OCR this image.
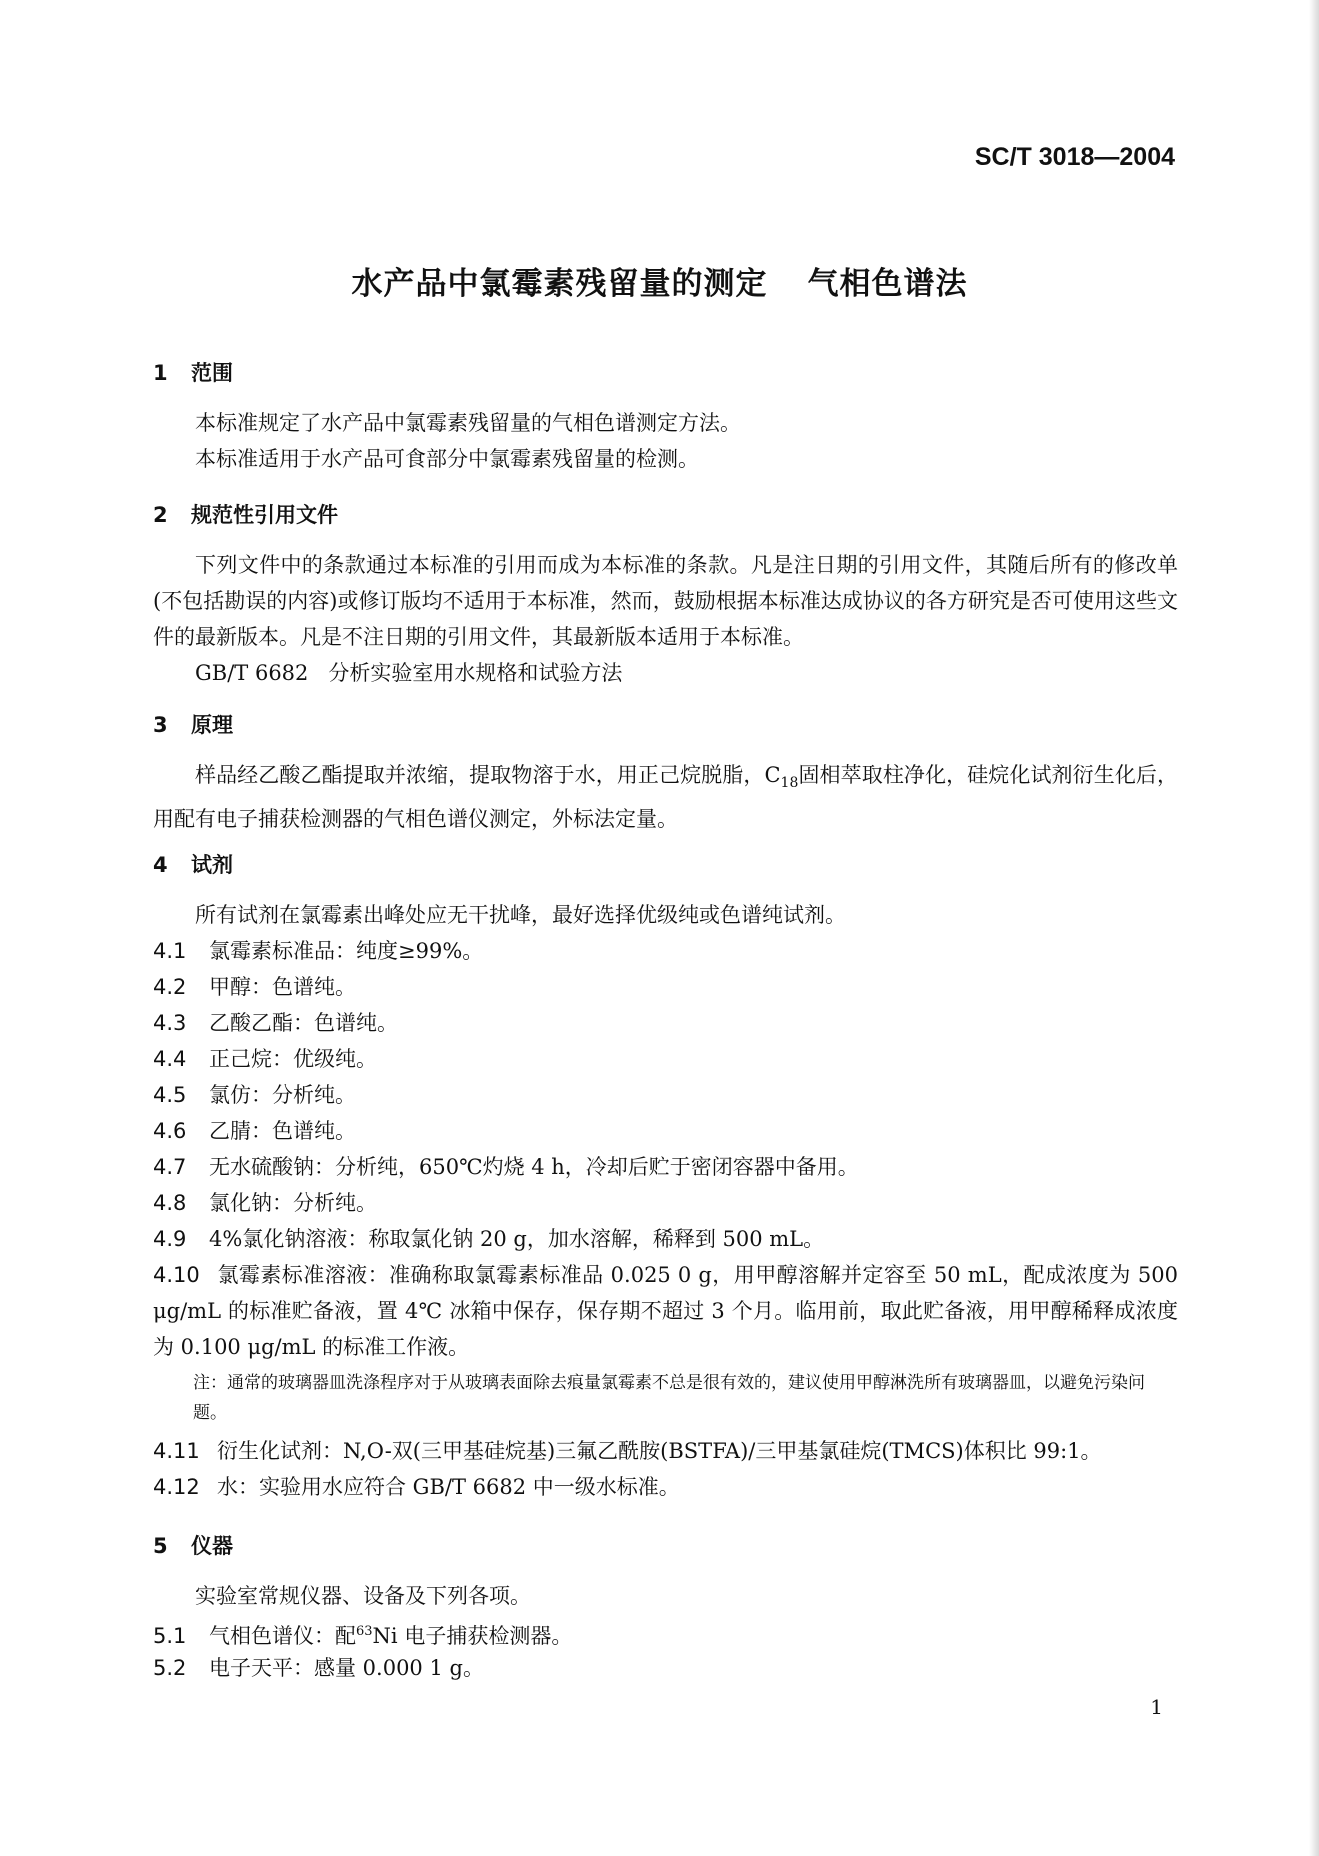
SC/T 3018—2004
水产品中氯霉素残留量的测定 气相色谱法
1 范围
本标准规定了水产品中氯霉素残留量的气相色谱测定方法。
本标准适用于水产品可食部分中氯霉素残留量的检测。
2 规范性引用文件
下列文件中的条款通过本标准的引用而成为本标准的条款。凡是注日期的引用文件，其随后所有的修改单(不包括勘误的内容)或修订版均不适用于本标准，然而，鼓励根据本标准达成协议的各方研究是否可使用这些文件的最新版本。凡是不注日期的引用文件，其最新版本适用于本标准。
GB/T 6682 分析实验室用水规格和试验方法
3 原理
样品经乙酸乙酯提取并浓缩，提取物溶于水，用正己烷脱脂，$C_{18}$固相萃取柱净化，硅烷化试剂衍生化后，用配有电子捕获检测器的气相色谱仪测定，外标法定量。
4 试剂
所有试剂在氯霉素出峰处应无干扰峰，最好选择优级纯或色谱纯试剂。
4.1 氯霉素标准品：纯度≥99%。
4.2 甲醇：色谱纯。
4.3 乙酸乙酯：色谱纯。
4.4 正己烷：优级纯。
4.5 氯仿：分析纯。
4.6 乙腈：色谱纯。
4.7 无水硫酸钠：分析纯，650℃灼烧 4 h，冷却后贮于密闭容器中备用。
4.8 氯化钠：分析纯。
4.9 4%氯化钠溶液：称取氯化钠 20 g，加水溶解，稀释到 500 mL。
4.10 氯霉素标准溶液：准确称取氯霉素标准品 0.025 0 g，用甲醇溶解并定容至 50 mL，配成浓度为 500 μg/mL 的标准贮备液，置 4℃ 冰箱中保存，保存期不超过 3 个月。临用前，取此贮备液，用甲醇稀释成浓度为 0.100 μg/mL 的标准工作液。
注：通常的玻璃器皿洗涤程序对于从玻璃表面除去痕量氯霉素不总是很有效的，建议使用甲醇淋洗所有玻璃器皿，以避免污染问题。
4.11 衍生化试剂：N,O-双(三甲基硅烷基)三氟乙酰胺(BSTFA)/三甲基氯硅烷(TMCS)体积比 99:1。
4.12 水：实验用水应符合 GB/T 6682 中一级水标准。
5 仪器
实验室常规仪器、设备及下列各项。
5.1 气相色谱仪：配$^{63}$Ni 电子捕获检测器。
5.2 电子天平：感量 0.000 1 g。
1
